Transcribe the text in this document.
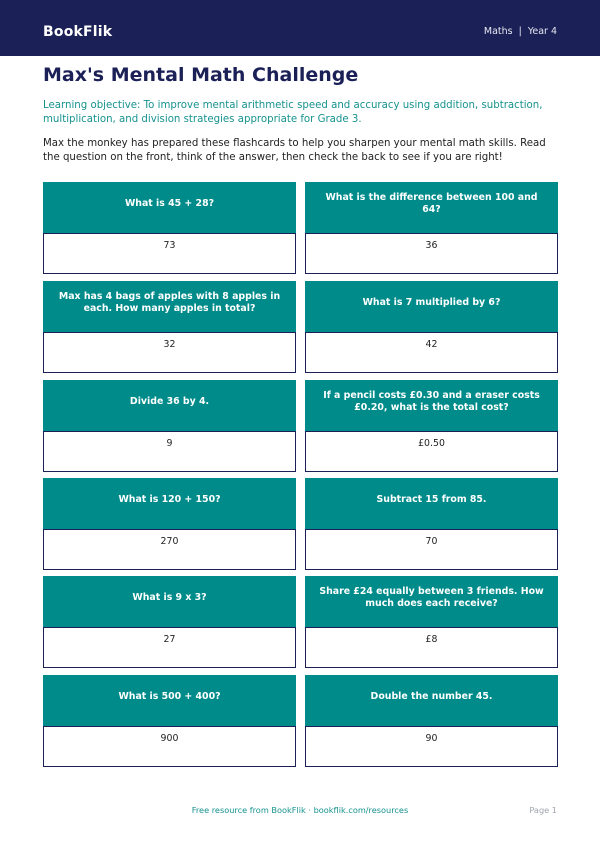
BookFlik	Maths | Year 4
Max's Mental Math Challenge

Learning objective: To improve mental arithmetic speed and accuracy using addition, subtraction, multiplication, and division strategies appropriate for Grade 3.

Max the monkey has prepared these flashcards to help you sharpen your mental math skills. Read the question on the front, think of the answer, then check the back to see if you are right!

What is 45 + 28?
73
What is the difference between 100 and 64?
36
Max has 4 bags of apples with 8 apples in each. How many apples in total?
32
What is 7 multiplied by 6?
42
Divide 36 by 4.
9
If a pencil costs £0.30 and a eraser costs £0.20, what is the total cost?
£0.50
What is 120 + 150?
270
Subtract 15 from 85.
70
What is 9 x 3?
27
Share £24 equally between 3 friends. How much does each receive?
£8
What is 500 + 400?
900
Double the number 45.
90
Free resource from BookFlik · bookflik.com/resources	Page 1
